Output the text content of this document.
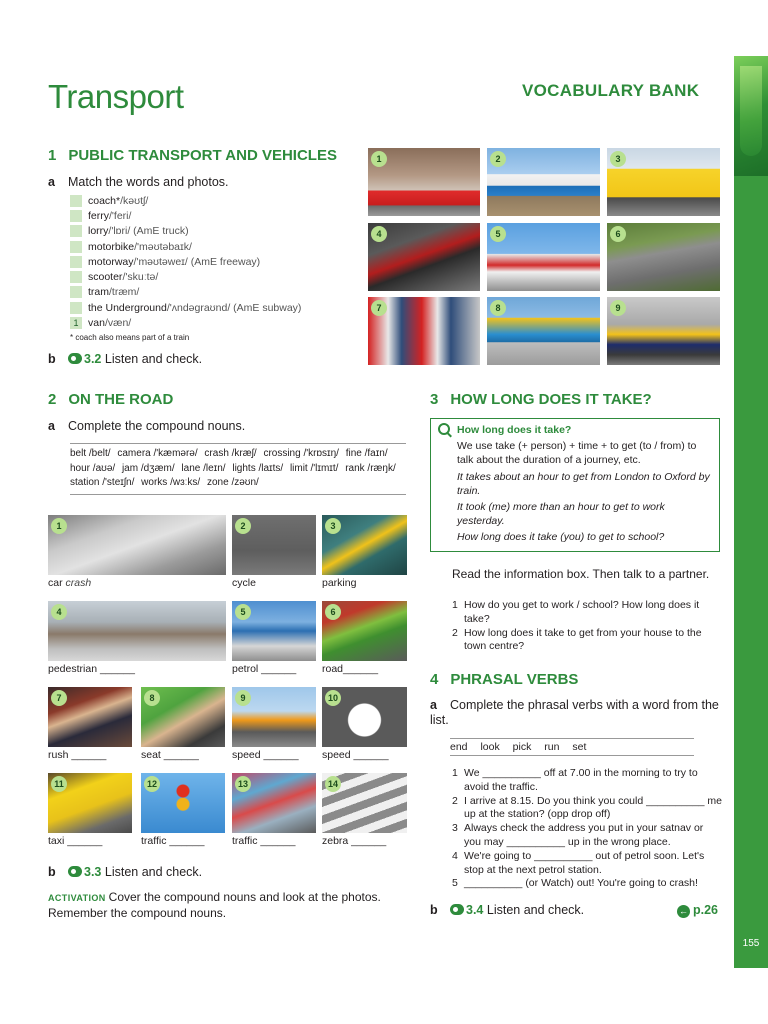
155
Transport	VOCABULARY BANK
1 PUBLIC TRANSPORT AND VEHICLES
a Match the words and photos.
coach* /kəʊtʃ/
ferry /'feri/
lorry /'lɒri/ (AmE truck)
motorbike /'məʊtəbaɪk/
motorway /'məʊtəweɪ/ (AmE freeway)
scooter /'skuːtə/
tram /træm/
the Underground /'ʌndəgraʊnd/ (AmE subway)
1 van /væn/
* coach also means part of a train
b 3.2 Listen and check.
1	2	3
4	5	6
7	8	9
2 ON THE ROAD
a Complete the compound nouns.
belt /belt/ camera /'kæmərə/ crash /kræʃ/ crossing /'krɒsɪŋ/ fine /faɪn/ hour /aʊə/ jam /dʒæm/ lane /leɪn/ lights /laɪts/ limit /'lɪmɪt/ rank /ræŋk/ station /'steɪʃn/ works /wɜːks/ zone /zəʊn/
1
car crash
2
cycle
3
parking
4
pedestrian ______
5
petrol ______
6
road______
7
rush ______
8
seat ______
9
speed ______
10
speed ______
11
taxi ______
12
traffic ______
13
traffic ______
14
zebra ______
b 3.3 Listen and check.
ACTIVATION Cover the compound nouns and look at the photos. Remember the compound nouns.
3 HOW LONG DOES IT TAKE?

How long does it take?

We use take (+ person) + time + to get (to / from) to talk about the duration of a journey, etc.

It takes about an hour to get from London to Oxford by train.

It took (me) more than an hour to get to work yesterday.

How long does it take (you) to get to school?

Read the information box. Then talk to a partner.
1 How do you get to work / school? How long does it take?
2 How long does it take to get from your house to the town centre?
4 PHRASAL VERBS
a Complete the phrasal verbs with a word from the list.
end look pick run set
1 We __________ off at 7.00 in the morning to try to avoid the traffic.
2 I arrive at 8.15. Do you think you could __________ me up at the station? (opp drop off)
3 Always check the address you put in your satnav or you may __________ up in the wrong place.
4 We're going to __________ out of petrol soon. Let's stop at the next petrol station.
5 __________ (or Watch) out! You're going to crash!
b 3.4 Listen and check.	← p.26
